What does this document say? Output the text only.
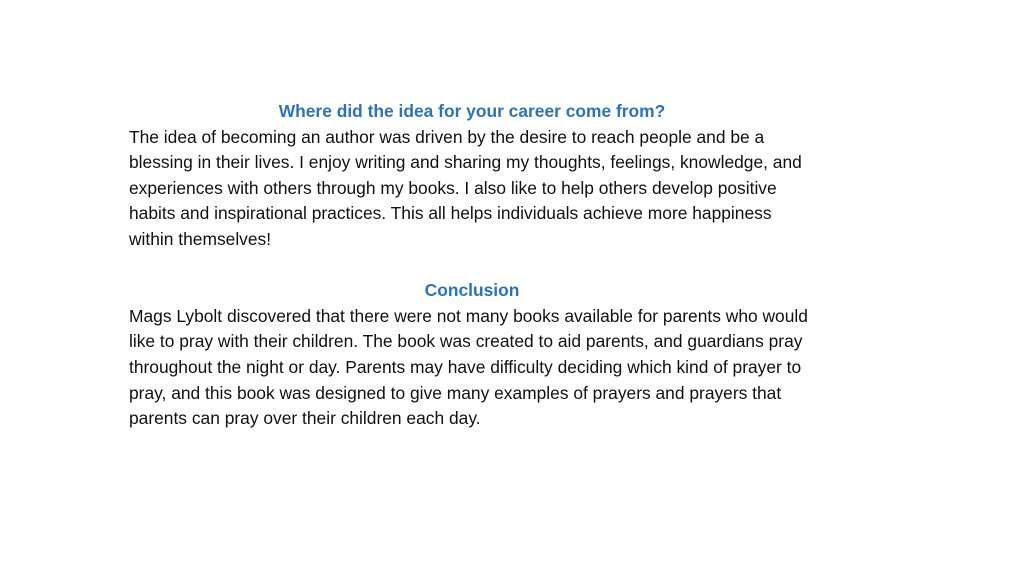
Where did the idea for your career come from?

The idea of becoming an author was driven by the desire to reach people and be a blessing in their lives. I enjoy writing and sharing my thoughts, feelings, knowledge, and experiences with others through my books. I also like to help others develop positive habits and inspirational practices. This all helps individuals achieve more happiness within themselves!

Conclusion

Mags Lybolt discovered that there were not many books available for parents who would like to pray with their children. The book was created to aid parents, and guardians pray throughout the night or day. Parents may have difficulty deciding which kind of prayer to pray, and this book was designed to give many examples of prayers and prayers that parents can pray over their children each day.
